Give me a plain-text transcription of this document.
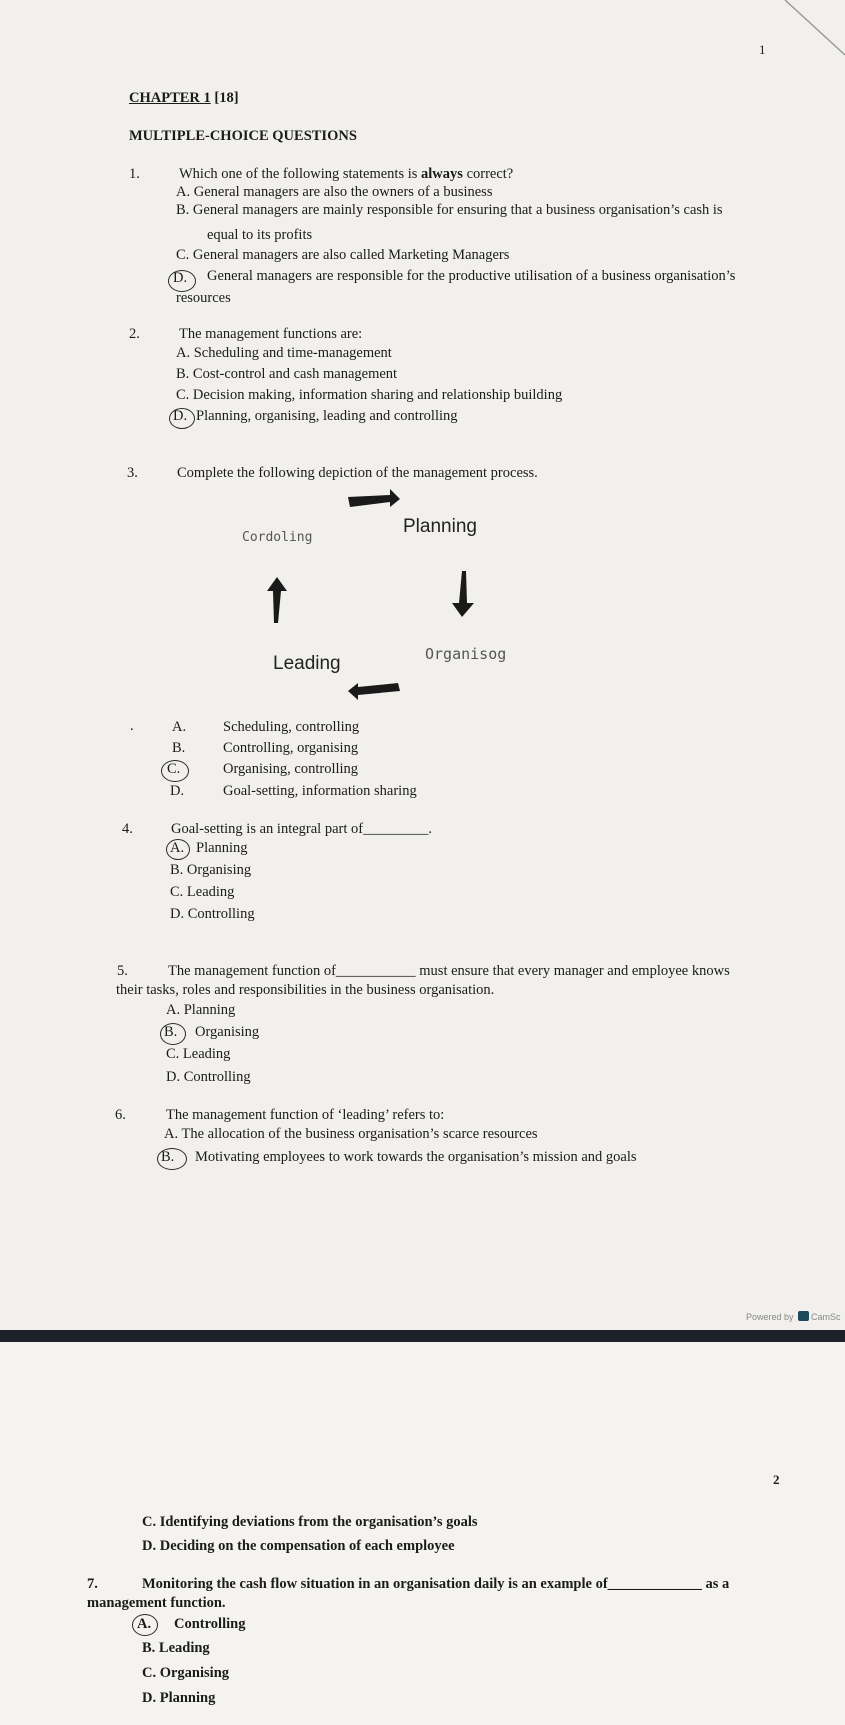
1
CHAPTER 1 [18]
MULTIPLE-CHOICE QUESTIONS
1.	Which one of the following statements is always correct?
A. General managers are also the owners of a business
B. General managers are mainly responsible for ensuring that a business organisation’s cash is
equal to its profits
C. General managers are also called Marketing Managers
D. General managers are responsible for the productive utilisation of a business organisation’s
resources
2.	The management functions are:
A. Scheduling and time-management
B. Cost-control and cash management
C. Decision making, information sharing and relationship building
D. Planning, organising, leading and controlling
3.	Complete the following depiction of the management process.
Planning
Leading
Cordoling
Organisog
.	A.	Scheduling, controlling
B.	Controlling, organising
C.	Organising, controlling
D.	Goal-setting, information sharing
4.	Goal-setting is an integral part of_________.
A. Planning
B. Organising
C. Leading
D. Controlling
5.	The management function of___________ must ensure that every manager and employee knows
their tasks, roles and responsibilities in the business organisation.
A. Planning
B. Organising
C. Leading
D. Controlling
6.	The management function of ‘leading’ refers to:
A. The allocation of the business organisation’s scarce resources
B. Motivating employees to work towards the organisation’s mission and goals
Powered by CamSc
2
C. Identifying deviations from the organisation’s goals
D. Deciding on the compensation of each employee
7.	Monitoring the cash flow situation in an organisation daily is an example of_____________ as a
management function.
A. Controlling
B. Leading
C. Organising
D. Planning
